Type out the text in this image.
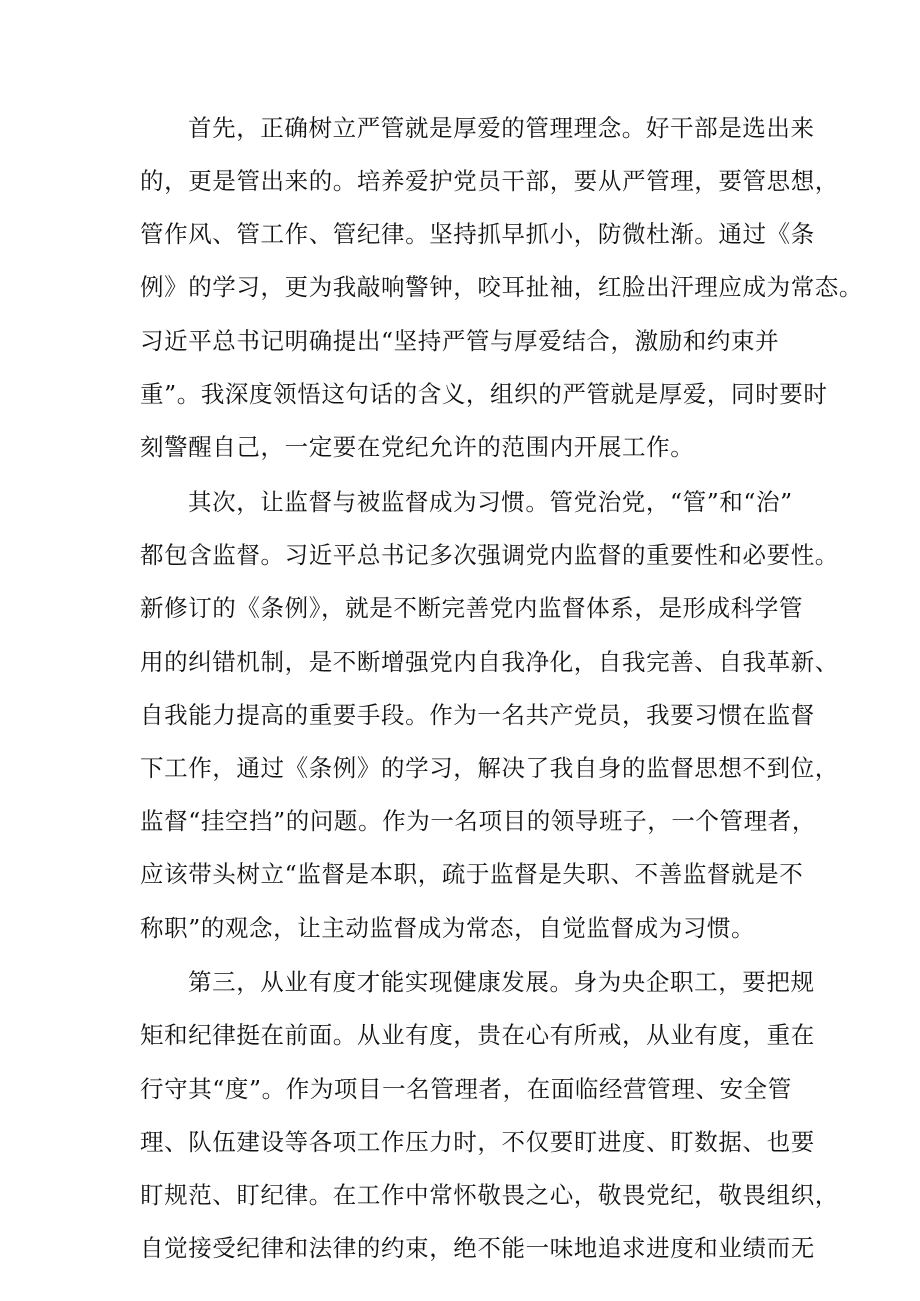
首先，正确树立严管就是厚爱的管理理念。好干部是选出来
的，更是管出来的。培养爱护党员干部，要从严管理，要管思想，
管作风、管工作、管纪律。坚持抓早抓小，防微杜渐。通过《条
例》的学习，更为我敲响警钟，咬耳扯袖，红脸出汗理应成为常态。
习近平总书记明确提出“坚持严管与厚爱结合，激励和约束并
重”。我深度领悟这句话的含义，组织的严管就是厚爱，同时要时
刻警醒自己，一定要在党纪允许的范围内开展工作。
其次，让监督与被监督成为习惯。管党治党，“管”和“治”
都包含监督。习近平总书记多次强调党内监督的重要性和必要性。
新修订的《条例》，就是不断完善党内监督体系，是形成科学管
用的纠错机制，是不断增强党内自我净化，自我完善、自我革新、
自我能力提高的重要手段。作为一名共产党员，我要习惯在监督
下工作，通过《条例》的学习，解决了我自身的监督思想不到位，
监督“挂空挡”的问题。作为一名项目的领导班子，一个管理者，
应该带头树立“监督是本职，疏于监督是失职、不善监督就是不
称职”的观念，让主动监督成为常态，自觉监督成为习惯。
第三，从业有度才能实现健康发展。身为央企职工，要把规
矩和纪律挺在前面。从业有度，贵在心有所戒，从业有度，重在
行守其“度”。作为项目一名管理者，在面临经营管理、安全管
理、队伍建设等各项工作压力时，不仅要盯进度、盯数据、也要
盯规范、盯纪律。在工作中常怀敬畏之心，敬畏党纪，敬畏组织，
自觉接受纪律和法律的约束，绝不能一味地追求进度和业绩而无
